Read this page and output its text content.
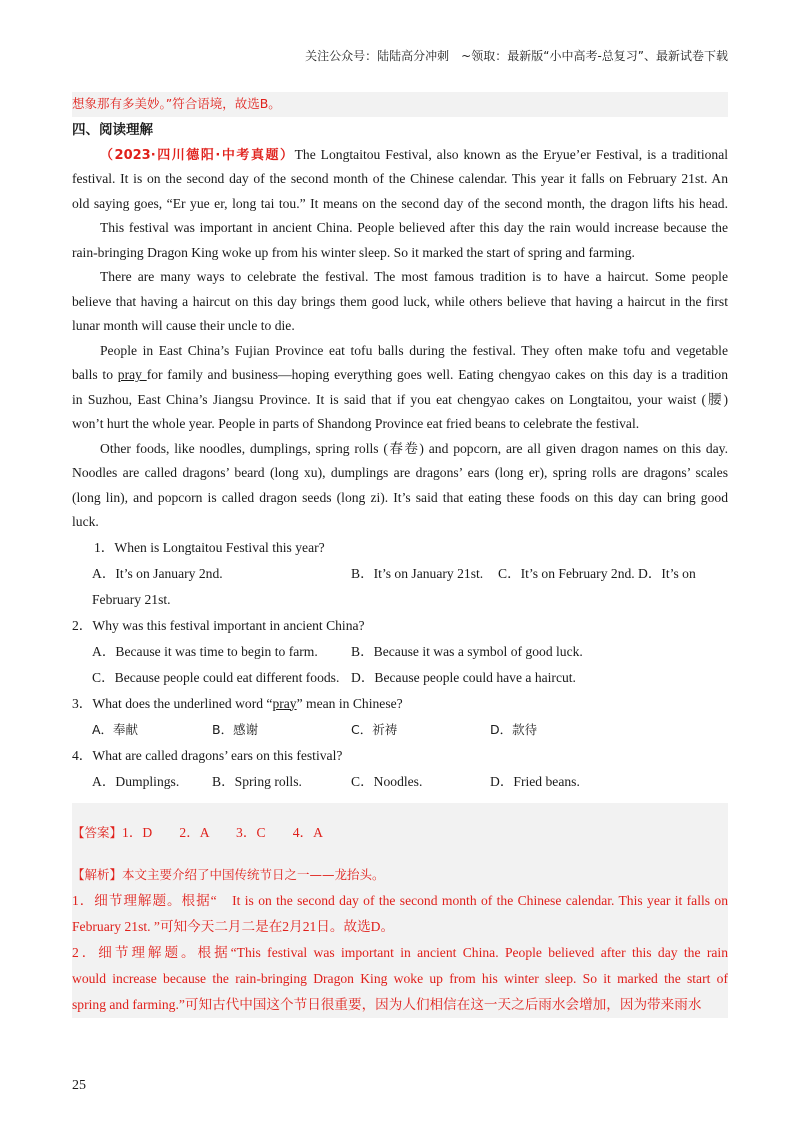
关注公众号：陆陆高分冲刺　~领取：最新版“小中高考-总复习”、最新试卷下载
想象那有多美妙。”符合语境，故选B。
四、阅读理解
（2023·四川德阳·中考真题）The Longtaitou Festival, also known as the Eryue’er Festival, is a traditional
festival. It is on the second day of the second month of the Chinese calendar. This year it falls on February 21st. An
old saying goes, “Er yue er, long tai tou.” It means on the second day of the second month, the dragon lifts his head.
This festival was important in ancient China. People believed after this day the rain would increase because the
rain-bringing Dragon King woke up from his winter sleep. So it marked the start of spring and farming.
There are many ways to celebrate the festival. The most famous tradition is to have a haircut. Some people
believe that having a haircut on this day brings them good luck, while others believe that having a haircut in the first
lunar month will cause their uncle to die.
People in East China’s Fujian Province eat tofu balls during the festival. They often make tofu and vegetable
balls to pray for family and business—hoping everything goes well. Eating chengyao cakes on this day is a tradition
in Suzhou, East China’s Jiangsu Province. It is said that if you eat chengyao cakes on Longtaitou, your waist (腰)
won’t hurt the whole year. People in parts of Shandong Province eat fried beans to celebrate the festival.
Other foods, like noodles, dumplings, spring rolls (春卷) and popcorn, are all given dragon names on this day.
Noodles are called dragons’ beard (long xu), dumplings are dragons’ ears (long er), spring rolls are dragons’ scales
(long lin), and popcorn is called dragon seeds (long zi). It’s said that eating these foods on this day can bring good
luck.
1．When is Longtaitou Festival this year?
A．It’s on January 2nd.	B．It’s on January 21st. C．It’s on February 2nd. D．It’s on
February 21st.
2．Why was this festival important in ancient China?
A．Because it was time to begin to farm. B．Because it was a symbol of good luck.
C．Because people could eat different foods. D．Because people could have a haircut.
3．What does the underlined word “pray” mean in Chinese?
A．奉献	B．感谢	C．祈祷	D．款待
4．What are called dragons’ ears on this festival?
A．Dumplings. B．Spring rolls.	C．Noodles.	D．Fried beans.
【答案】1．D　　2．A　　3．C　　4．A
【解析】本文主要介绍了中国传统节日之一——龙抬头。
1．细节理解题。根据“　It is on the second day of the second month of the Chinese calendar. This year it falls on
February 21st. ”可知今天二月二是在2月21日。故选D。
2．细节理解题。根据“This festival was important in ancient China. People believed after this day the rain
would increase because the rain-bringing Dragon King woke up from his winter sleep. So it marked the start of
spring and farming.”可知古代中国这个节日很重要，因为人们相信在这一天之后雨水会增加，因为带来雨水
25
